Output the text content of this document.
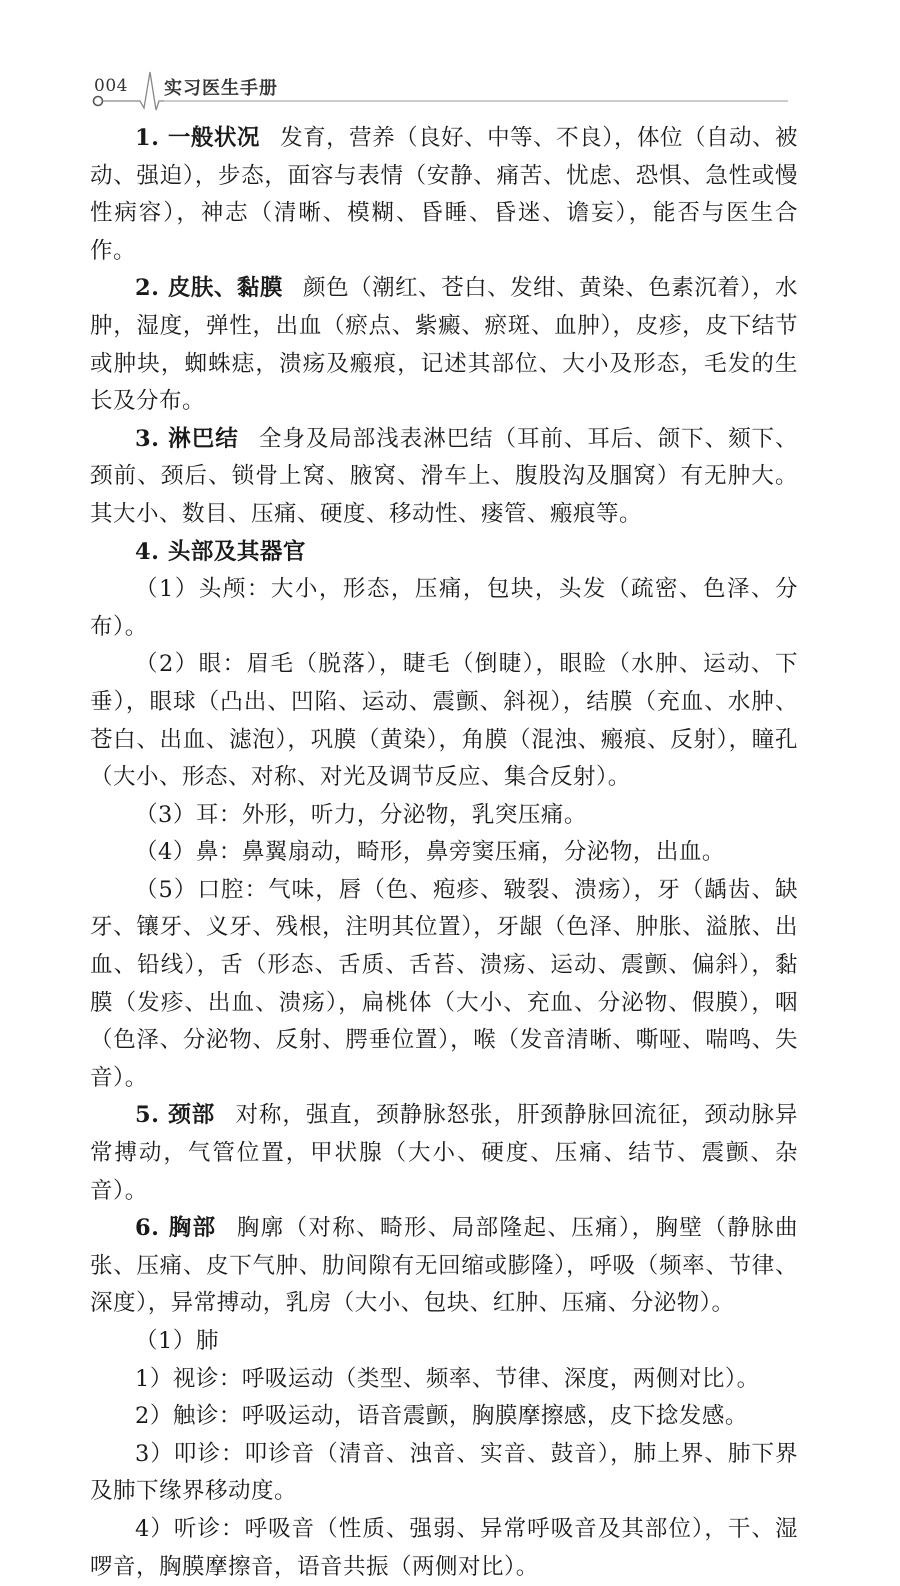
004 实习医生手册

1. 一般状况 发育，营养（良好、中等、不良），体位（自动、被动、强迫），步态，面容与表情（安静、痛苦、忧虑、恐惧、急性或慢性病容），神志（清晰、模糊、昏睡、昏迷、谵妄），能否与医生合作。

2. 皮肤、黏膜 颜色（潮红、苍白、发绀、黄染、色素沉着），水肿，湿度，弹性，出血（瘀点、紫癜、瘀斑、血肿），皮疹，皮下结节或肿块，蜘蛛痣，溃疡及瘢痕，记述其部位、大小及形态，毛发的生长及分布。

3. 淋巴结 全身及局部浅表淋巴结（耳前、耳后、颌下、颏下、颈前、颈后、锁骨上窝、腋窝、滑车上、腹股沟及腘窝）有无肿大。其大小、数目、压痛、硬度、移动性、瘘管、瘢痕等。

4. 头部及其器官

（1）头颅：大小，形态，压痛，包块，头发（疏密、色泽、分布）。

（2）眼：眉毛（脱落），睫毛（倒睫），眼睑（水肿、运动、下垂），眼球（凸出、凹陷、运动、震颤、斜视），结膜（充血、水肿、苍白、出血、滤泡），巩膜（黄染），角膜（混浊、瘢痕、反射），瞳孔（大小、形态、对称、对光及调节反应、集合反射）。

（3）耳：外形，听力，分泌物，乳突压痛。

（4）鼻：鼻翼扇动，畸形，鼻旁窦压痛，分泌物，出血。

（5）口腔：气味，唇（色、疱疹、皲裂、溃疡），牙（龋齿、缺牙、镶牙、义牙、残根，注明其位置），牙龈（色泽、肿胀、溢脓、出血、铅线），舌（形态、舌质、舌苔、溃疡、运动、震颤、偏斜），黏膜（发疹、出血、溃疡），扁桃体（大小、充血、分泌物、假膜），咽（色泽、分泌物、反射、腭垂位置），喉（发音清晰、嘶哑、喘鸣、失音）。

5. 颈部 对称，强直，颈静脉怒张，肝颈静脉回流征，颈动脉异常搏动，气管位置，甲状腺（大小、硬度、压痛、结节、震颤、杂音）。

6. 胸部 胸廓（对称、畸形、局部隆起、压痛），胸壁（静脉曲张、压痛、皮下气肿、肋间隙有无回缩或膨隆），呼吸（频率、节律、深度），异常搏动，乳房（大小、包块、红肿、压痛、分泌物）。

（1）肺

1）视诊：呼吸运动（类型、频率、节律、深度，两侧对比）。

2）触诊：呼吸运动，语音震颤，胸膜摩擦感，皮下捻发感。

3）叩诊：叩诊音（清音、浊音、实音、鼓音），肺上界、肺下界及肺下缘界移动度。

4）听诊：呼吸音（性质、强弱、异常呼吸音及其部位），干、湿啰音，胸膜摩擦音，语音共振（两侧对比）。
